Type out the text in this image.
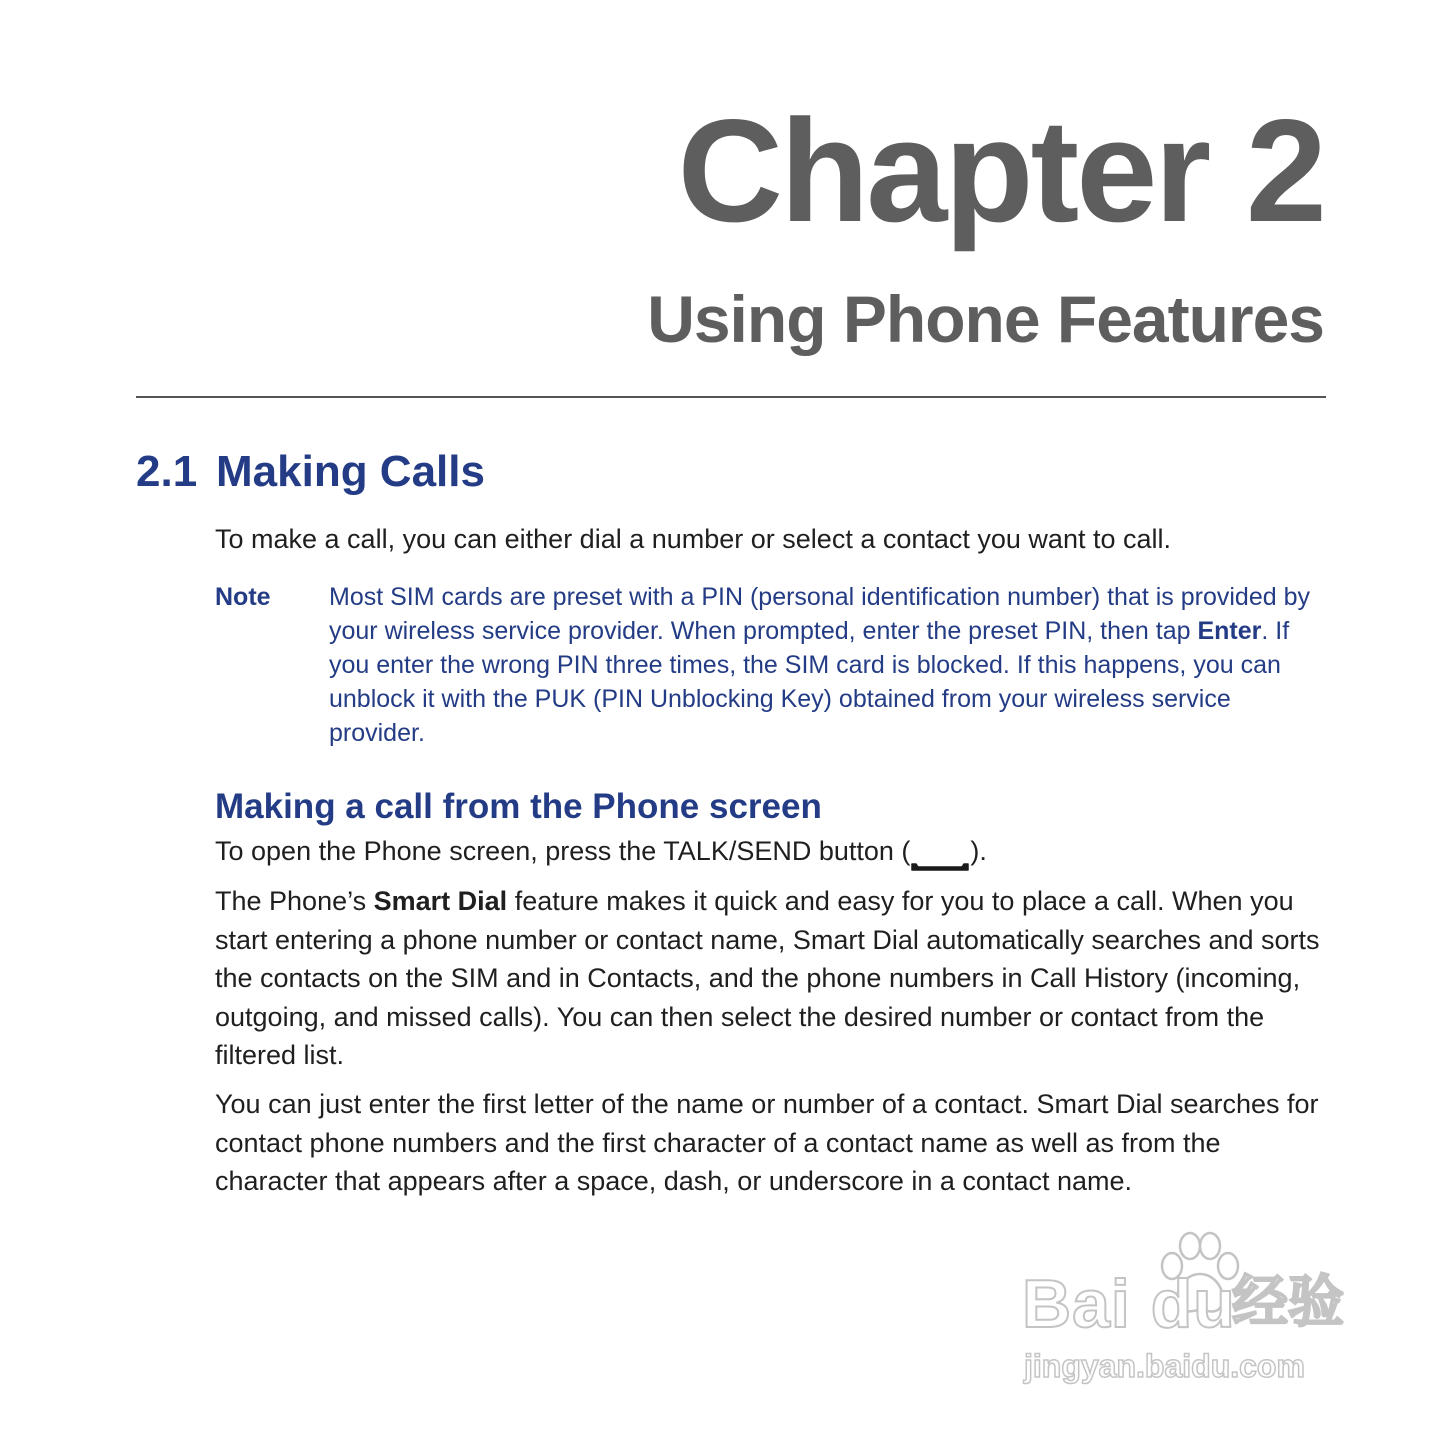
Chapter 2
Using Phone Features
2.1 Making Calls
To make a call, you can either dial a number or select a contact you want to call.
Note Most SIM cards are preset with a PIN (personal identification number) that is provided by your wireless service provider. When prompted, enter the preset PIN, then tap Enter. If you enter the wrong PIN three times, the SIM card is blocked. If this happens, you can unblock it with the PUK (PIN Unblocking Key) obtained from your wireless service provider.
Making a call from the Phone screen
To open the Phone screen, press the TALK/SEND button ( ).
The Phone’s Smart Dial feature makes it quick and easy for you to place a call. When you start entering a phone number or contact name, Smart Dial automatically searches and sorts the contacts on the SIM and in Contacts, and the phone numbers in Call History (incoming, outgoing, and missed calls). You can then select the desired number or contact from the filtered list.
You can just enter the first letter of the name or number of a contact. Smart Dial searches for contact phone numbers and the first character of a contact name as well as from the character that appears after a space, dash, or underscore in a contact name.
Bai du
经验
jingyan.baidu.com
